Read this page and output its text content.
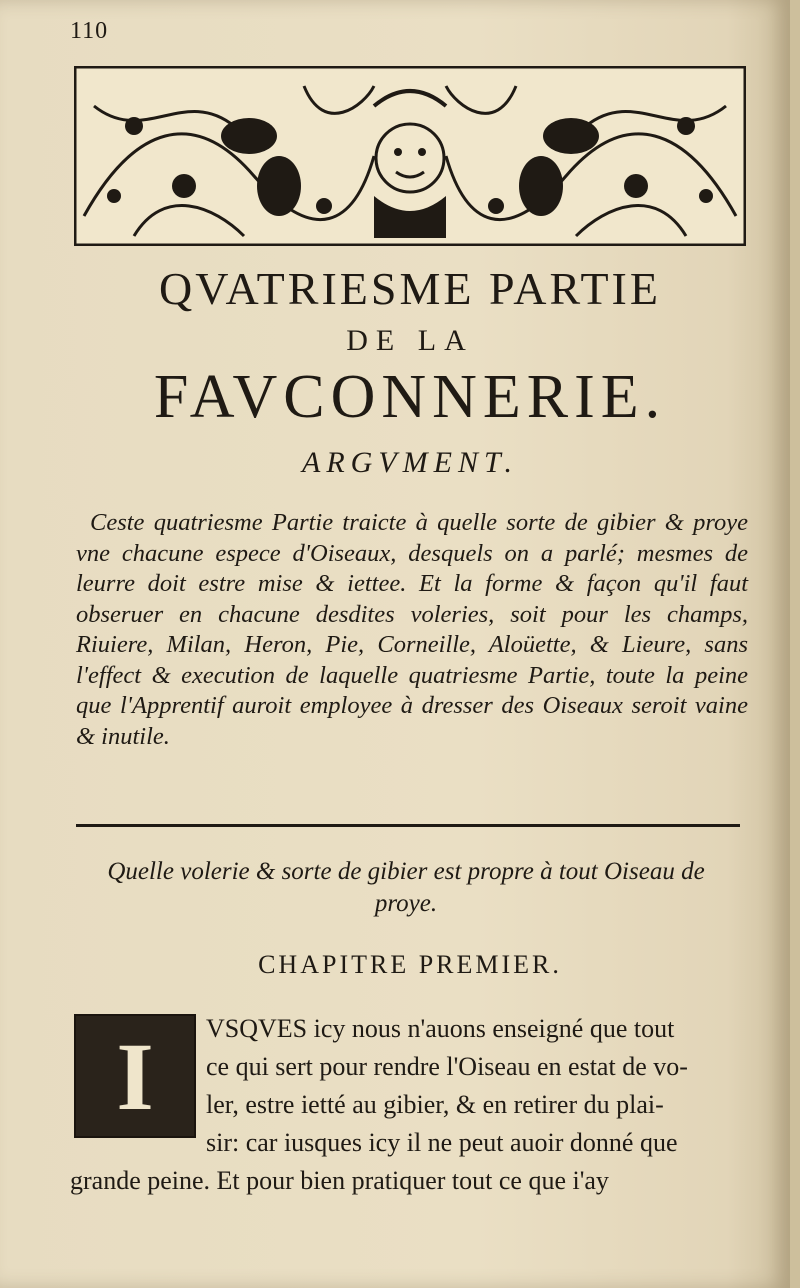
110
QVATRIESME PARTIE
DE LA
FAVCONNERIE.
ARGVMENT.
Ceste quatriesme Partie traicte à quelle sorte de gibier & proye vne chacune espece d'Oiseaux, desquels on a parlé; mesmes de leurre doit estre mise & iettee. Et la forme & façon qu'il faut obseruer en chacune desdites voleries, soit pour les champs, Riuiere, Milan, Heron, Pie, Corneille, Aloüette, & Lieure, sans l'effect & execution de laquelle quatriesme Partie, toute la peine que l'Apprentif auroit employee à dresser des Oiseaux seroit vaine & inutile.
Quelle volerie & sorte de gibier est propre à tout Oiseau de proye.
CHAPITRE PREMIER.
I	VSQVES icy nous n'auons enseigné que tout
ce qui sert pour rendre l'Oiseau en estat de vo-
ler, estre ietté au gibier, & en retirer du plai-
sir: car iusques icy il ne peut auoir donné que
grande peine. Et pour bien pratiquer tout ce que i'ay
